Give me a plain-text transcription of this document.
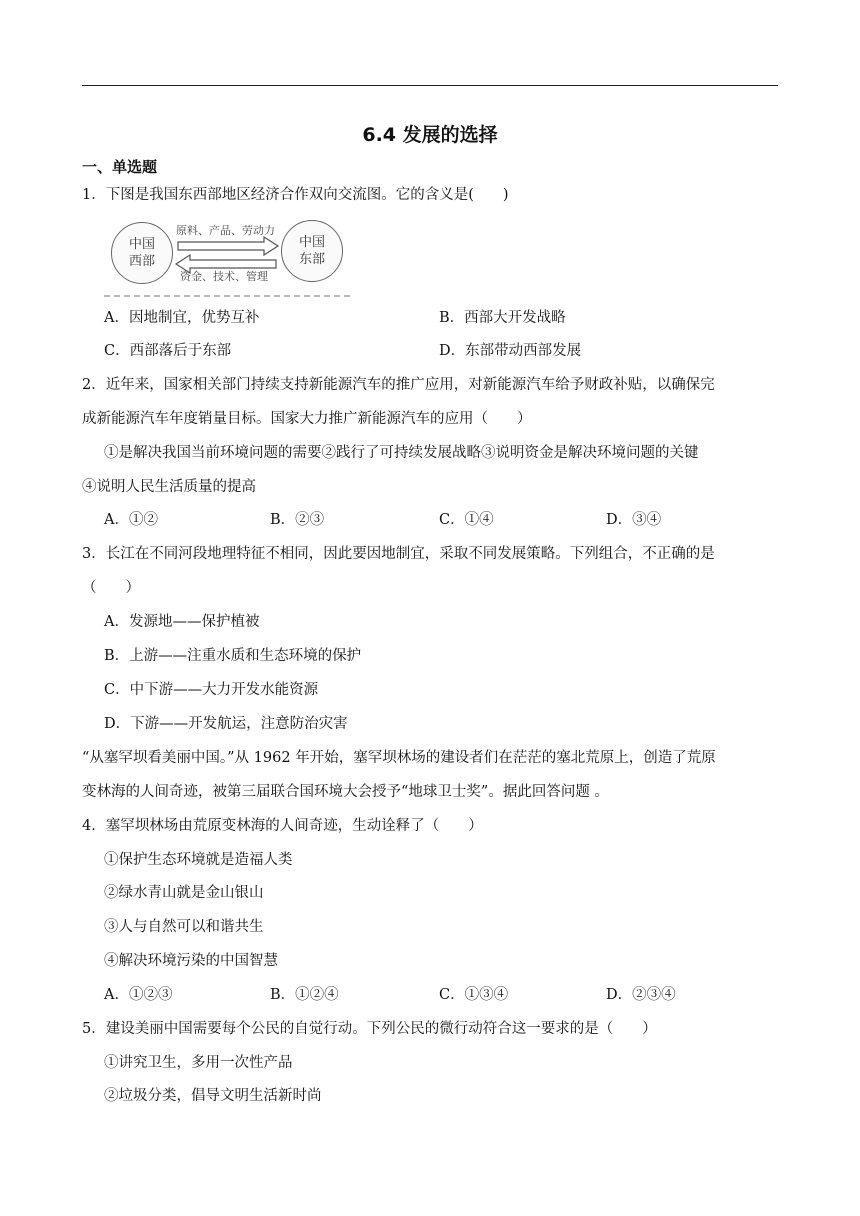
6.4 发展的选择
一、单选题
1．下图是我国东西部地区经济合作双向交流图。它的含义是(　　)
中国
西部
中国
东部
原料、产品、劳动力
资金、技术、管理
A．因地制宜，优势互补	B．西部大开发战略
C．西部落后于东部	D．东部带动西部发展
2．近年来，国家相关部门持续支持新能源汽车的推广应用，对新能源汽车给予财政补贴，以确保完
成新能源汽车年度销量目标。国家大力推广新能源汽车的应用（　　）
①是解决我国当前环境问题的需要②践行了可持续发展战略③说明资金是解决环境问题的关键
④说明人民生活质量的提高
A．①②	B．②③	C．①④	D．③④
3．长江在不同河段地理特征不相同，因此要因地制宜，采取不同发展策略。下列组合，不正确的是
（　　）
A．发源地——保护植被
B．上游——注重水质和生态环境的保护
C．中下游——大力开发水能资源
D．下游——开发航运，注意防治灾害
“从塞罕坝看美丽中国。”从 1962 年开始，塞罕坝林场的建设者们在茫茫的塞北荒原上，创造了荒原
变林海的人间奇迹，被第三届联合国环境大会授予“地球卫士奖”。据此回答问题 。
4．塞罕坝林场由荒原变林海的人间奇迹，生动诠释了（　　）
①保护生态环境就是造福人类
②绿水青山就是金山银山
③人与自然可以和谐共生
④解决环境污染的中国智慧
A．①②③	B．①②④	C．①③④	D．②③④
5．建设美丽中国需要每个公民的自觉行动。下列公民的微行动符合这一要求的是（　　）
①讲究卫生，多用一次性产品
②垃圾分类，倡导文明生活新时尚
